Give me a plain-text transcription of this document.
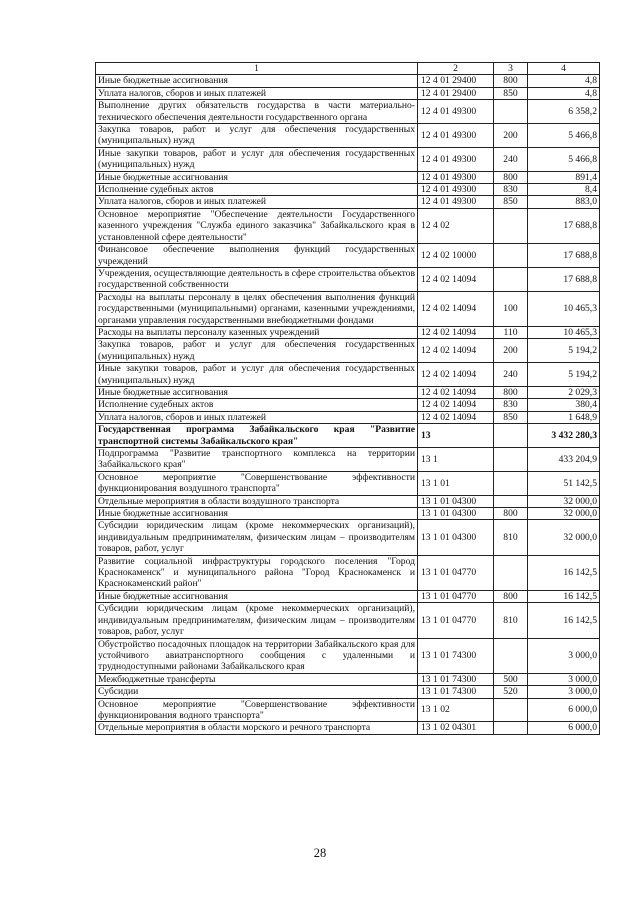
1	2	3	4
Иные бюджетные ассигнования	12 4 01 29400	800	4,8
Уплата налогов, сборов и иных платежей	12 4 01 29400	850	4,8
Выполнение других обязательств государства в части материально-технического обеспечения деятельности государственного органа	12 4 01 49300		6 358,2
Закупка товаров, работ и услуг для обеспечения государственных (муниципальных) нужд	12 4 01 49300	200	5 466,8
Иные закупки товаров, работ и услуг для обеспечения государственных (муниципальных) нужд	12 4 01 49300	240	5 466,8
Иные бюджетные ассигнования	12 4 01 49300	800	891,4
Исполнение судебных актов	12 4 01 49300	830	8,4
Уплата налогов, сборов и иных платежей	12 4 01 49300	850	883,0
Основное мероприятие "Обеспечение деятельности Государственного казенного учреждения "Служба единого заказчика" Забайкальского края в установленной сфере деятельности"	12 4 02		17 688,8
Финансовое обеспечение выполнения функций государственных учреждений	12 4 02 10000		17 688,8
Учреждения, осуществляющие деятельность в сфере строительства объектов государственной собственности	12 4 02 14094		17 688,8
Расходы на выплаты персоналу в целях обеспечения выполнения функций государственными (муниципальными) органами, казенными учреждениями, органами управления государственными внебюджетными фондами	12 4 02 14094	100	10 465,3
Расходы на выплаты персоналу казенных учреждений	12 4 02 14094	110	10 465,3
Закупка товаров, работ и услуг для обеспечения государственных (муниципальных) нужд	12 4 02 14094	200	5 194,2
Иные закупки товаров, работ и услуг для обеспечения государственных (муниципальных) нужд	12 4 02 14094	240	5 194,2
Иные бюджетные ассигнования	12 4 02 14094	800	2 029,3
Исполнение судебных актов	12 4 02 14094	830	380,4
Уплата налогов, сборов и иных платежей	12 4 02 14094	850	1 648,9
Государственная программа Забайкальского края "Развитие транспортной системы Забайкальского края"	13		3 432 280,3
Подпрограмма "Развитие транспортного комплекса на территории Забайкальского края"	13 1		433 204,9
Основное мероприятие "Совершенствование эффективности функционирования воздушного транспорта"	13 1 01		51 142,5
Отдельные мероприятия в области воздушного транспорта	13 1 01 04300		32 000,0
Иные бюджетные ассигнования	13 1 01 04300	800	32 000,0
Субсидии юридическим лицам (кроме некоммерческих организаций), индивидуальным предпринимателям, физическим лицам – производителям товаров, работ, услуг	13 1 01 04300	810	32 000,0
Развитие социальной инфраструктуры городского поселения "Город Краснокаменск" и муниципального района "Город Краснокаменск и Краснокаменский район"	13 1 01 04770		16 142,5
Иные бюджетные ассигнования	13 1 01 04770	800	16 142,5
Субсидии юридическим лицам (кроме некоммерческих организаций), индивидуальным предпринимателям, физическим лицам – производителям товаров, работ, услуг	13 1 01 04770	810	16 142,5
Обустройство посадочных площадок на территории Забайкальского края для устойчивого авиатранспортного сообщения с удаленными и труднодоступными районами Забайкальского края	13 1 01 74300		3 000,0
Межбюджетные трансферты	13 1 01 74300	500	3 000,0
Субсидии	13 1 01 74300	520	3 000,0
Основное мероприятие "Совершенствование эффективности функционирования водного транспорта"	13 1 02		6 000,0
Отдельные мероприятия в области морского и речного транспорта	13 1 02 04301		6 000,0
28
